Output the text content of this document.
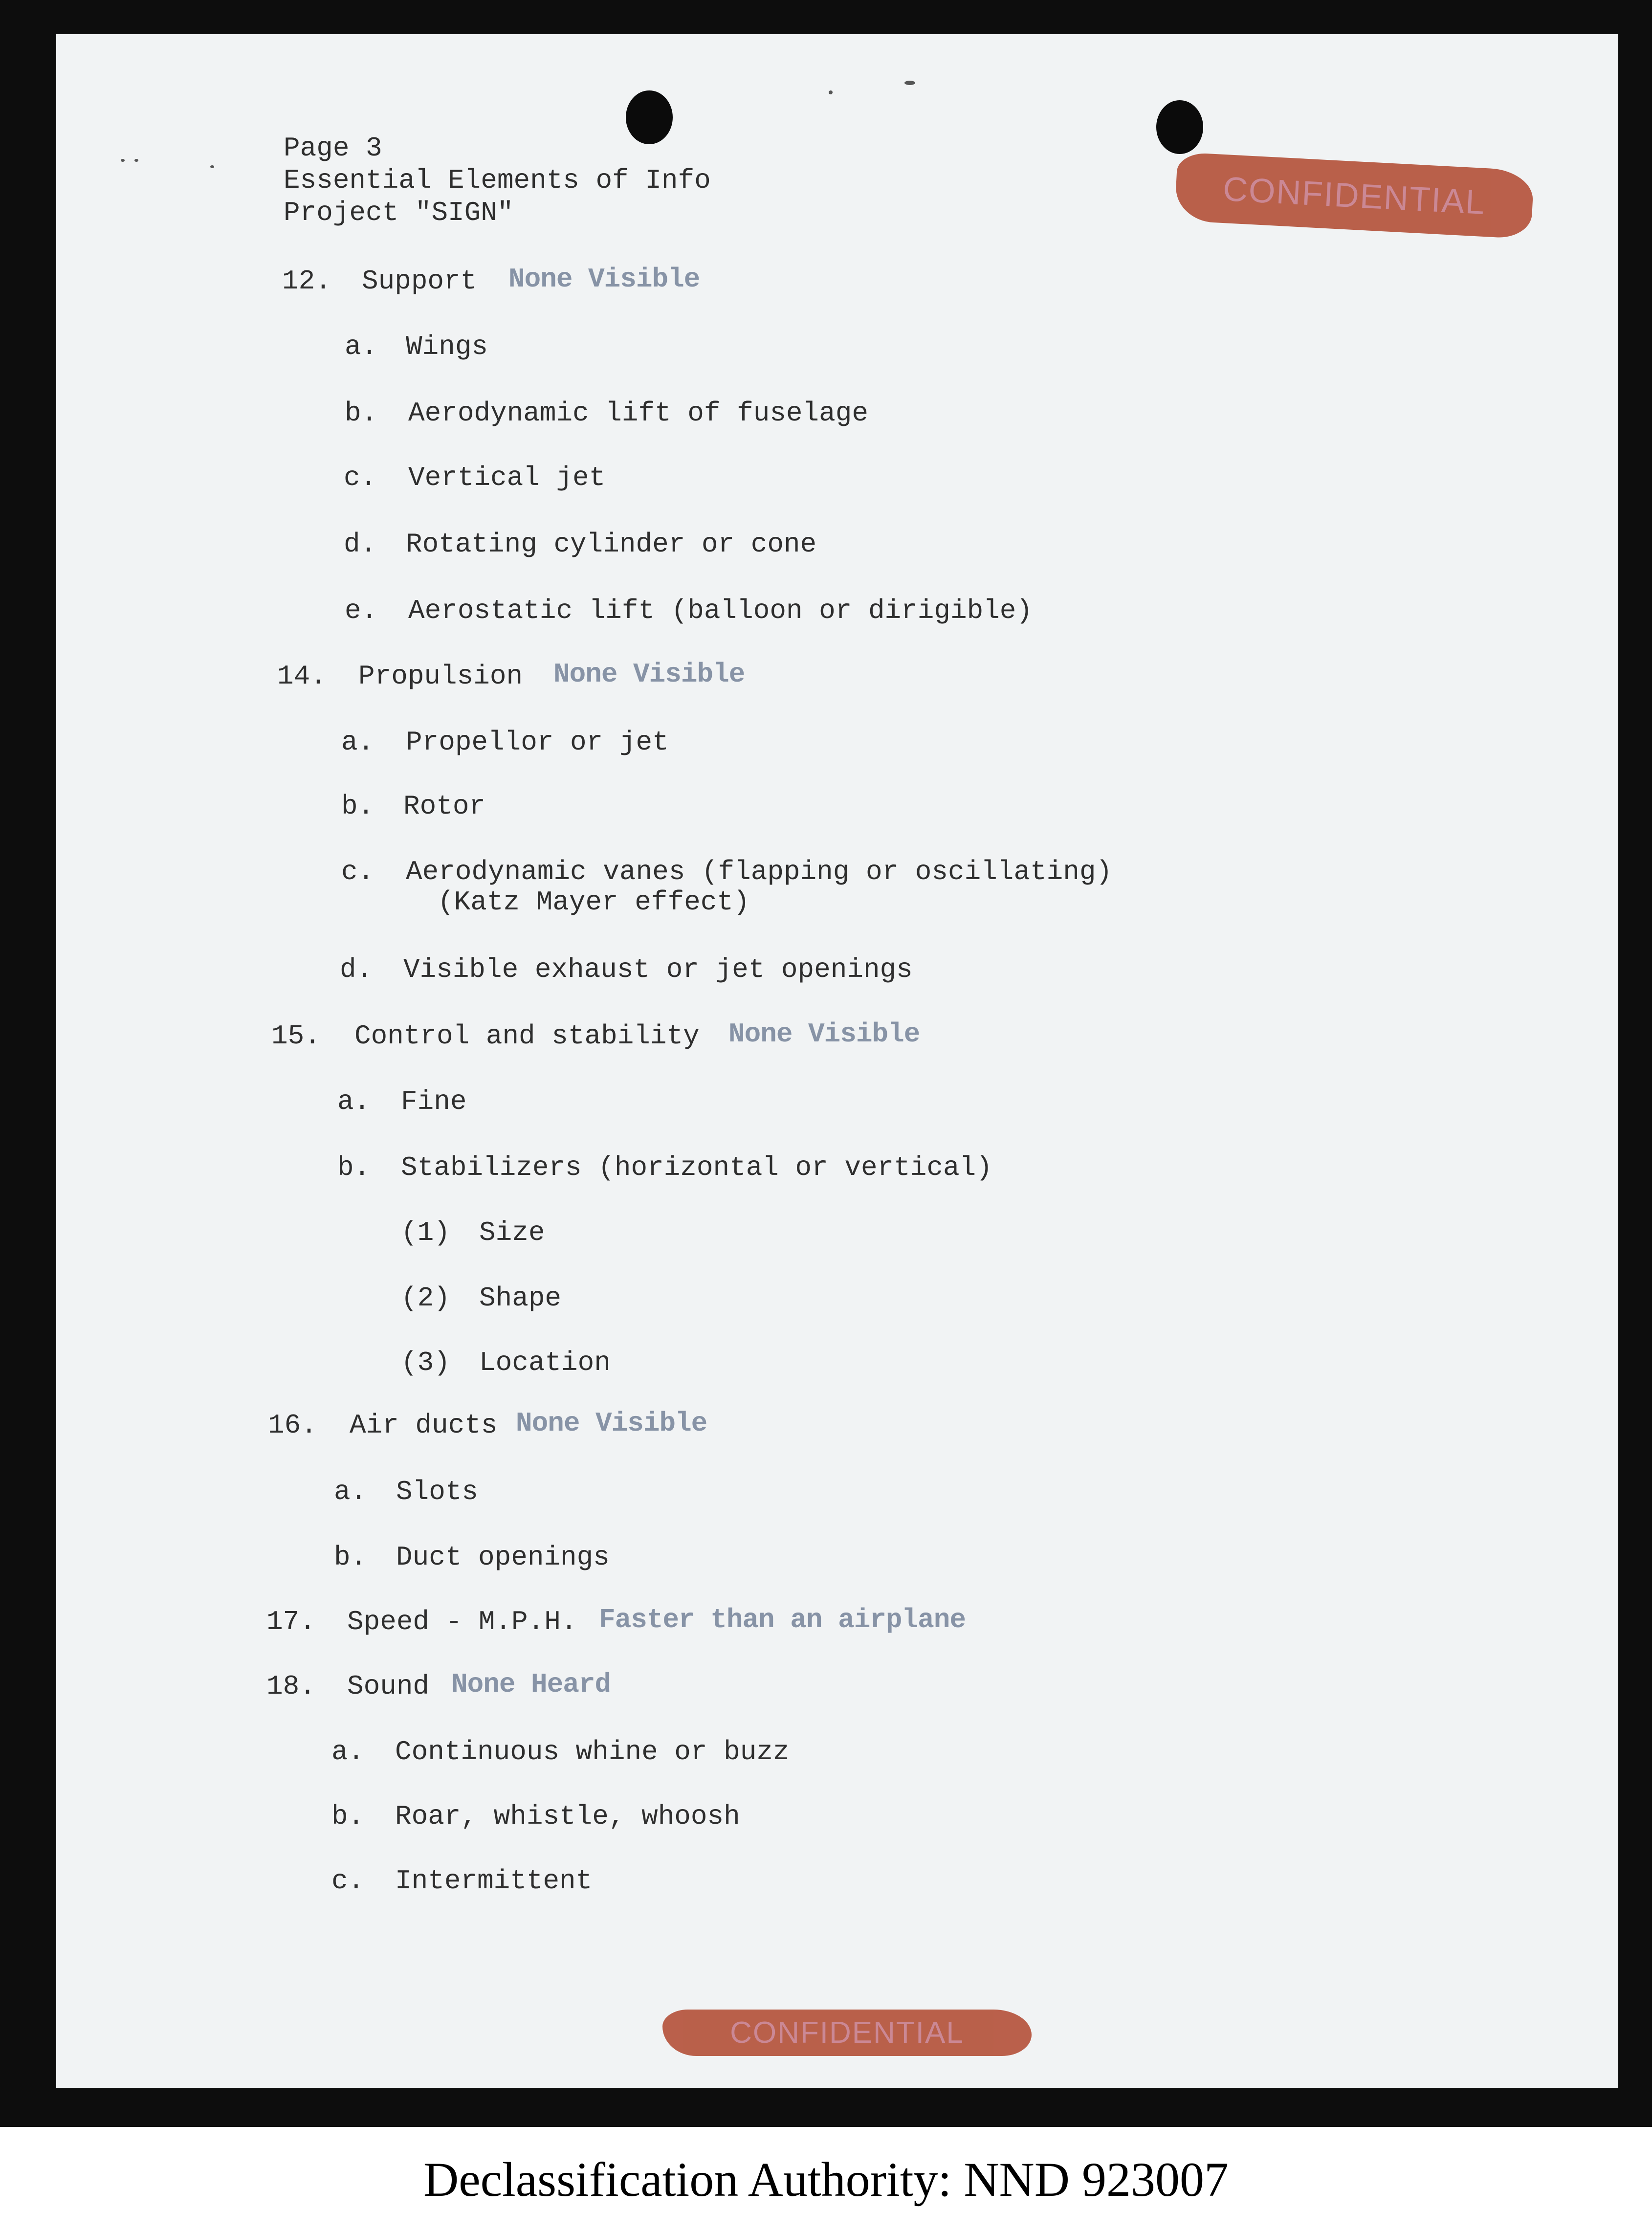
CONFIDENTIAL
Page 3
Essential Elements of Info
Project "SIGN"
12. Support None Visible
a. Wings
b. Aerodynamic lift of fuselage
c. Vertical jet
d. Rotating cylinder or cone
e. Aerostatic lift (balloon or dirigible)
14. Propulsion None Visible
a. Propellor or jet
b. Rotor
c. Aerodynamic vanes (flapping or oscillating)
(Katz Mayer effect)
d. Visible exhaust or jet openings
15. Control and stability None Visible
a. Fine
b. Stabilizers (horizontal or vertical)
(1) Size
(2) Shape
(3) Location
16. Air ducts None Visible
a. Slots
b. Duct openings
17. Speed - M.P.H. Faster than an airplane
18. Sound None Heard
a. Continuous whine or buzz
b. Roar, whistle, whoosh
c. Intermittent
CONFIDENTIAL
Declassification Authority: NND 923007
